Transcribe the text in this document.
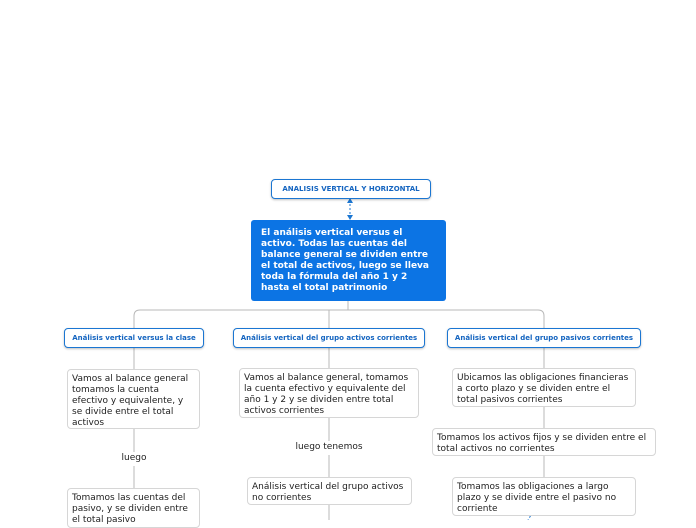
ANALISIS VERTICAL Y HORIZONTAL
El análisis vertical versus el activo. Todas las cuentas del balance general se dividen entre el total de activos, luego se lleva toda la fórmula del año 1 y 2 hasta el total patrimonio
Análisis vertical versus la clase
Vamos al balance general tomamos la cuenta efectivo y equivalente, y se divide entre el total activos
luego
Tomamos las cuentas del pasivo, y se dividen entre el total pasivo
Análisis vertical del grupo activos corrientes
Vamos al balance general, tomamos la cuenta efectivo y equivalente del año 1 y 2 y se dividen entre total activos corrientes
luego tenemos
Análisis vertical del grupo activos no corrientes
Análisis vertical del grupo pasivos corrientes
Ubicamos las obligaciones financieras a corto plazo y se dividen entre el total pasivos corrientes
Tomamos los activos fijos y se dividen entre el total activos no corrientes
Tomamos las obligaciones a largo plazo y se divide entre el pasivo no corriente
